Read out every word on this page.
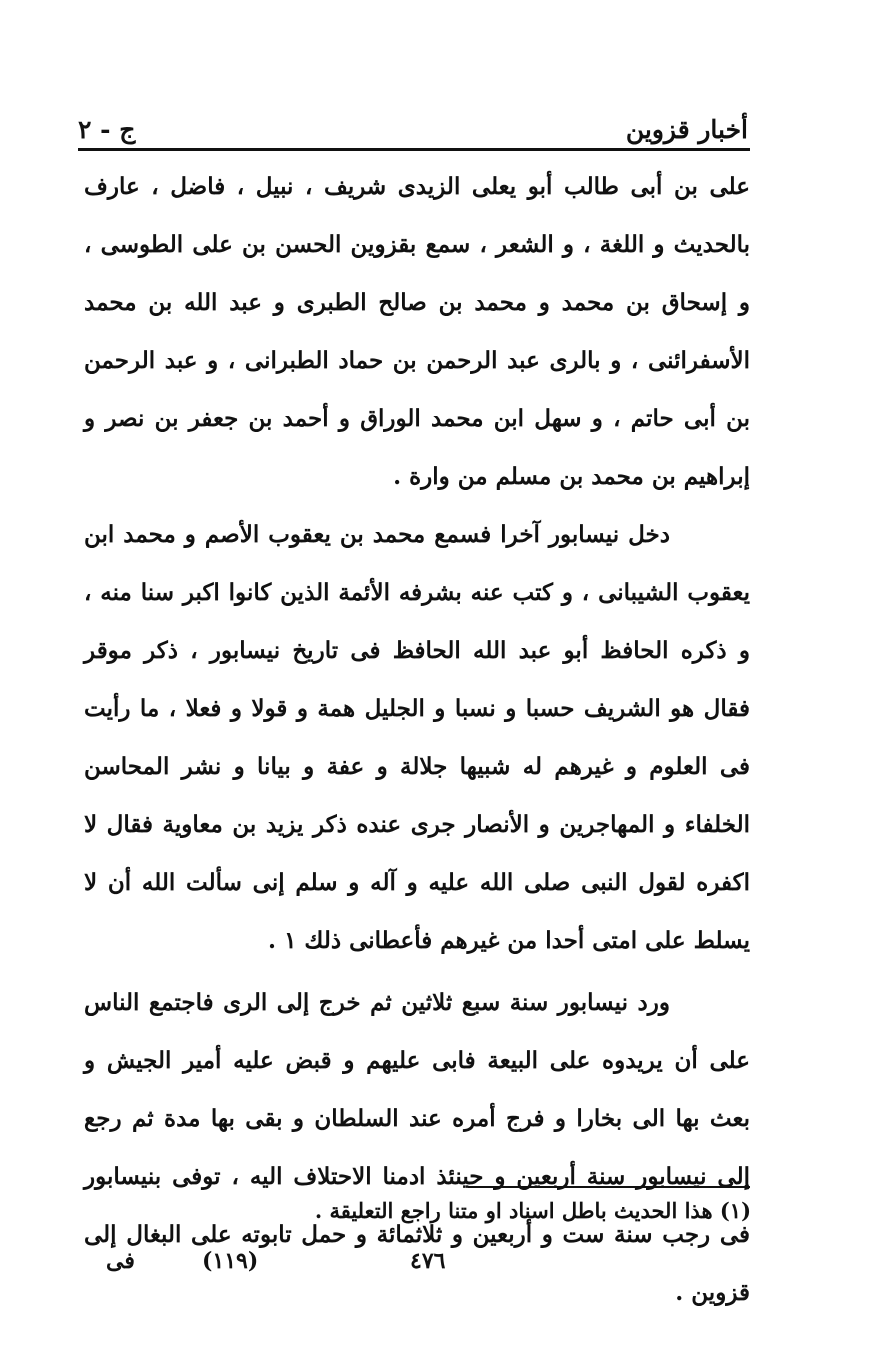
ج - ٢	أخبار قزوين

على بن أبى طالب أبو يعلى الزيدى شريف ، نبيل ، فاضل ، عارف بالحديث و اللغة ، و الشعر ، سمع بقزوين الحسن بن على الطوسى ، و إسحاق بن محمد و محمد بن صالح الطبرى و عبد الله بن محمد الأسفرائنى ، و بالرى عبد الرحمن بن حماد الطبرانى ، و عبد الرحمن بن أبى حاتم ، و سهل ابن محمد الوراق و أحمد بن جعفر بن نصر و إبراهيم بن محمد بن مسلم من وارة .

دخل نيسابور آخرا فسمع محمد بن يعقوب الأصم و محمد ابن يعقوب الشيبانى ، و كتب عنه بشرفه الأئمة الذين كانوا اكبر سنا منه ، و ذكره الحافظ أبو عبد الله الحافظ فى تاريخ نيسابور ، ذكر موقر فقال هو الشريف حسبا و نسبا و الجليل همة و قولا و فعلا ، ما رأيت فى العلوم و غيرهم له شبيها جلالة و عفة و بيانا و نشر المحاسن الخلفاء و المهاجرين و الأنصار جرى عنده ذكر يزيد بن معاوية فقال لا اكفره لقول النبى صلى الله عليه و آله و سلم إنى سألت الله أن لا يسلط على امتى أحدا من غيرهم فأعطانى ذلك ١ .

ورد نيسابور سنة سبع ثلاثين ثم خرج إلى الرى فاجتمع الناس على أن يريدوه على البيعة فابى عليهم و قبض عليه أمير الجيش و بعث بها الى بخارا و فرج أمره عند السلطان و بقى بها مدة ثم رجع إلى نيسابور سنة أربعين و حينئذ ادمنا الاحتلاف اليه ، توفى بنيسابور فى رجب سنة ست و أربعين و ثلاثمائة و حمل تابوته على البغال إلى قزوين .

(١) هذا الحديث باطل اسناد او متنا راجع التعليقة .
٤٧٦
(١١٩)
فى
